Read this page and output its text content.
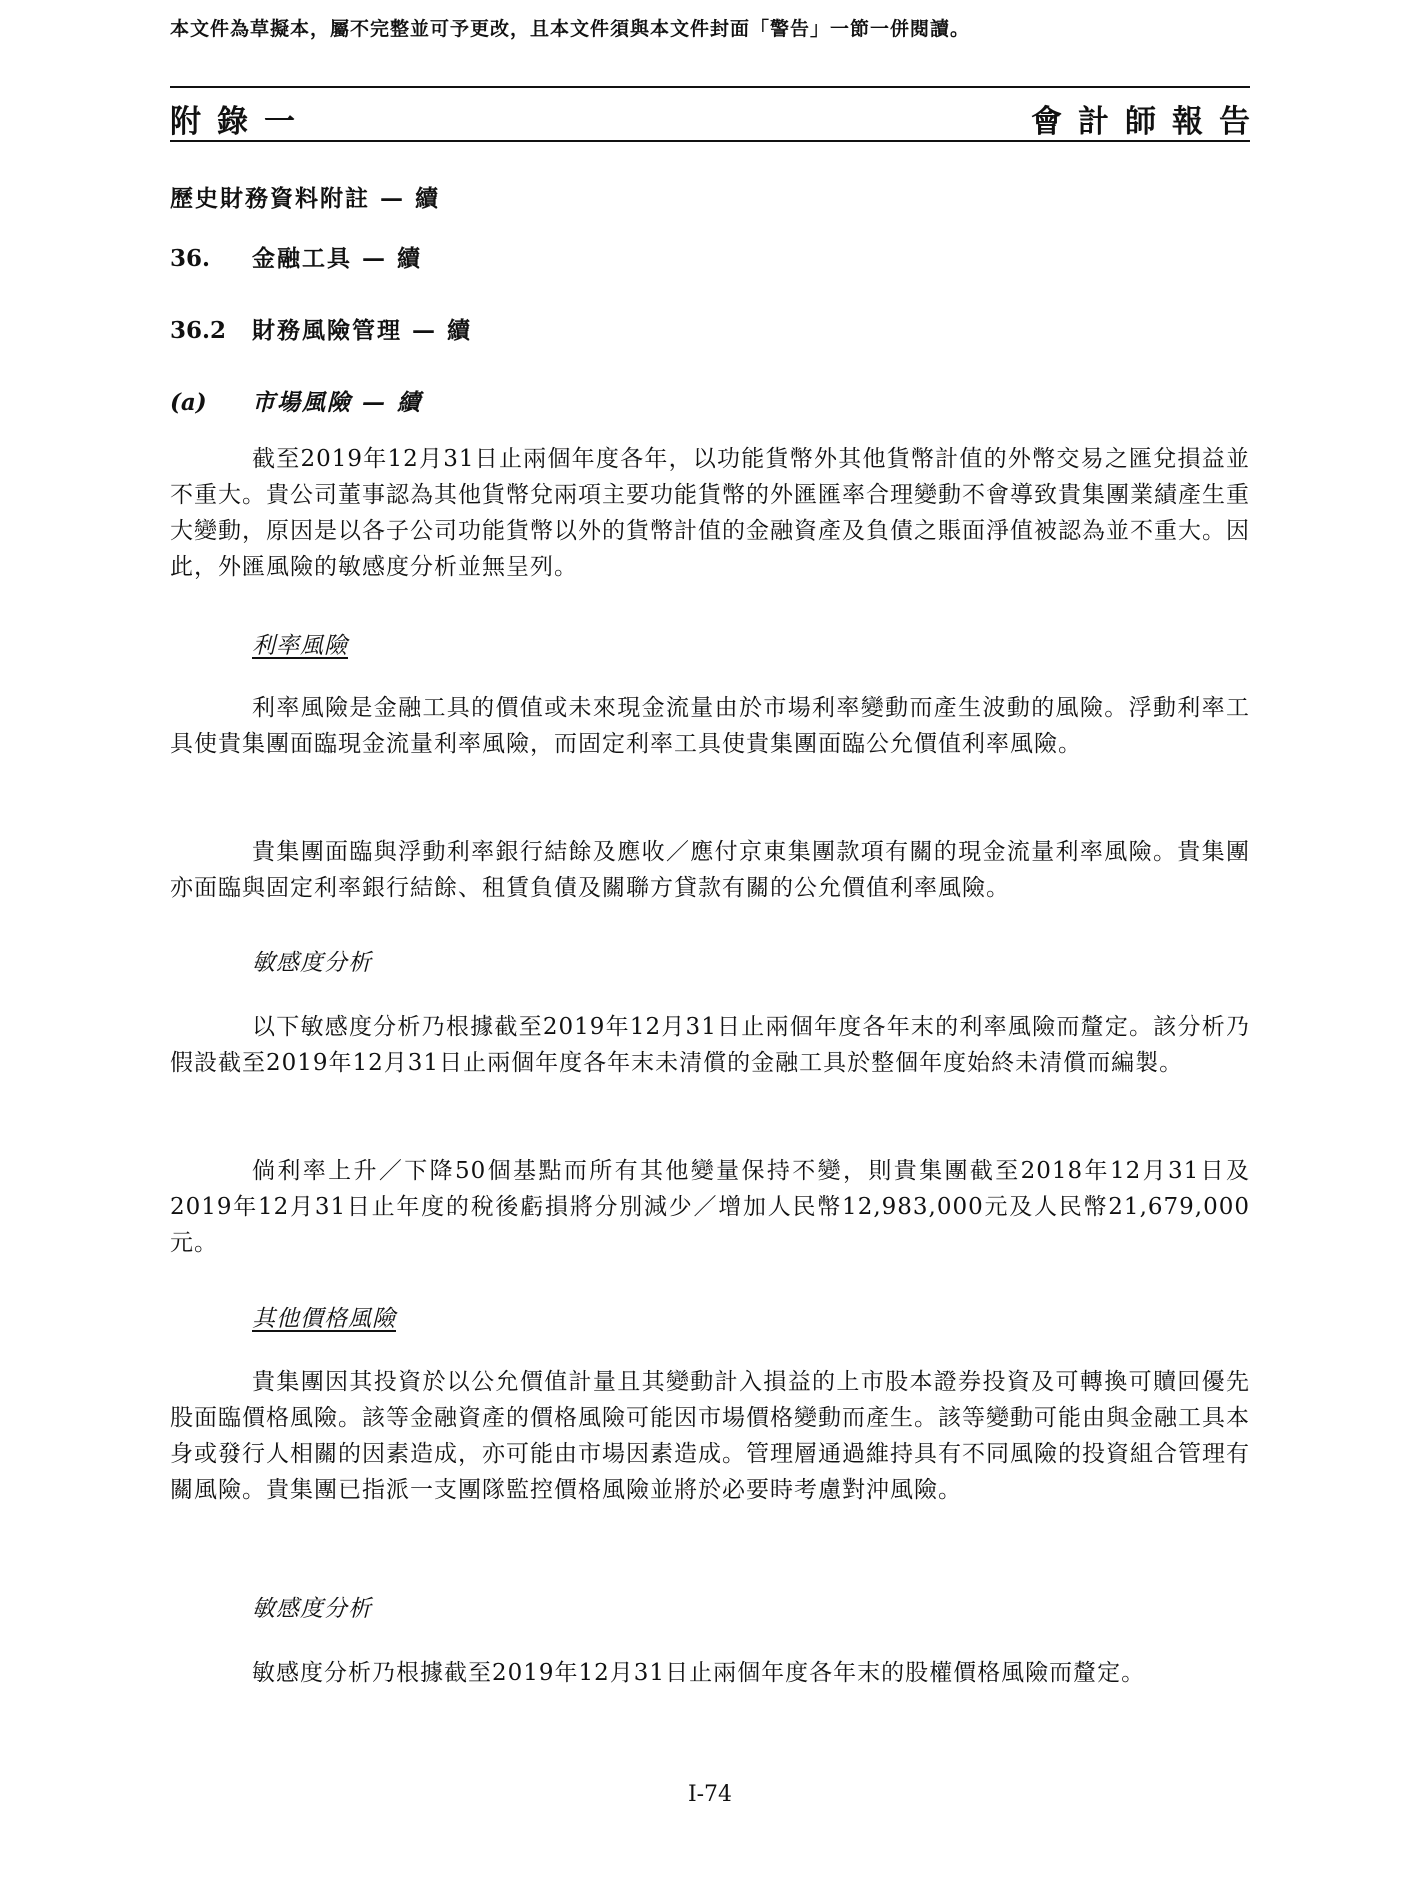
本文件為草擬本，屬不完整並可予更改，且本文件須與本文件封面「警告」一節一併閱讀。
附錄一	會計師報告
歷史財務資料附註 — 續
36. 金融工具 — 續
36.2 財務風險管理 — 續
(a) 市場風險 — 續

截至2019年12月31日止兩個年度各年，以功能貨幣外其他貨幣計值的外幣交易之匯兌損益並不重大。貴公司董事認為其他貨幣兌兩項主要功能貨幣的外匯匯率合理變動不會導致貴集團業績產生重大變動，原因是以各子公司功能貨幣以外的貨幣計值的金融資產及負債之賬面淨值被認為並不重大。因此，外匯風險的敏感度分析並無呈列。

利率風險

利率風險是金融工具的價值或未來現金流量由於市場利率變動而產生波動的風險。浮動利率工具使貴集團面臨現金流量利率風險，而固定利率工具使貴集團面臨公允價值利率風險。

貴集團面臨與浮動利率銀行結餘及應收／應付京東集團款項有關的現金流量利率風險。貴集團亦面臨與固定利率銀行結餘、租賃負債及關聯方貸款有關的公允價值利率風險。

敏感度分析

以下敏感度分析乃根據截至2019年12月31日止兩個年度各年末的利率風險而釐定。該分析乃假設截至2019年12月31日止兩個年度各年末未清償的金融工具於整個年度始終未清償而編製。

倘利率上升／下降50個基點而所有其他變量保持不變，則貴集團截至2018年12月31日及2019年12月31日止年度的稅後虧損將分別減少／增加人民幣12,983,000元及人民幣21,679,000元。

其他價格風險

貴集團因其投資於以公允價值計量且其變動計入損益的上市股本證券投資及可轉換可贖回優先股面臨價格風險。該等金融資產的價格風險可能因市場價格變動而產生。該等變動可能由與金融工具本身或發行人相關的因素造成，亦可能由市場因素造成。管理層通過維持具有不同風險的投資組合管理有關風險。貴集團已指派一支團隊監控價格風險並將於必要時考慮對沖風險。

敏感度分析

敏感度分析乃根據截至2019年12月31日止兩個年度各年末的股權價格風險而釐定。

I-74
